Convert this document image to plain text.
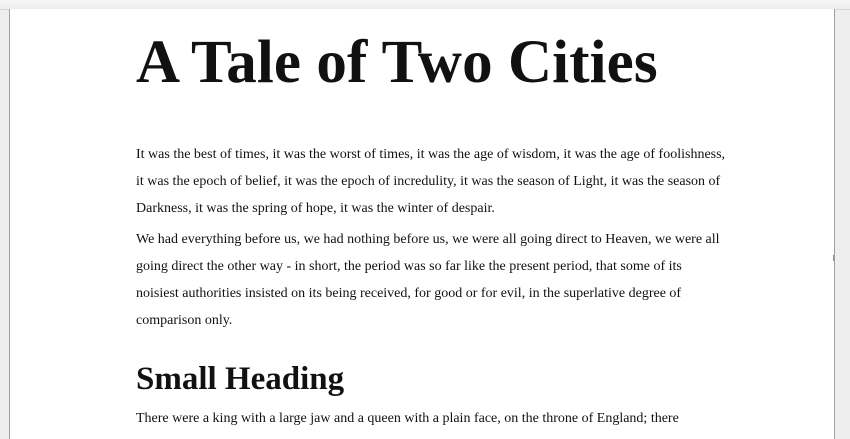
A Tale of Two Cities

It was the best of times, it was the worst of times, it was the age of wisdom, it was the age of foolishness, it was the epoch of belief, it was the epoch of incredulity, it was the season of Light, it was the season of Darkness, it was the spring of hope, it was the winter of despair.

We had everything before us, we had nothing before us, we were all going direct to Heaven, we were all going direct the other way - in short, the period was so far like the present period, that some of its noisiest authorities insisted on its being received, for good or for evil, in the superlative degree of comparison only.

Small Heading

There were a king with a large jaw and a queen with a plain face, on the throne of England; there
